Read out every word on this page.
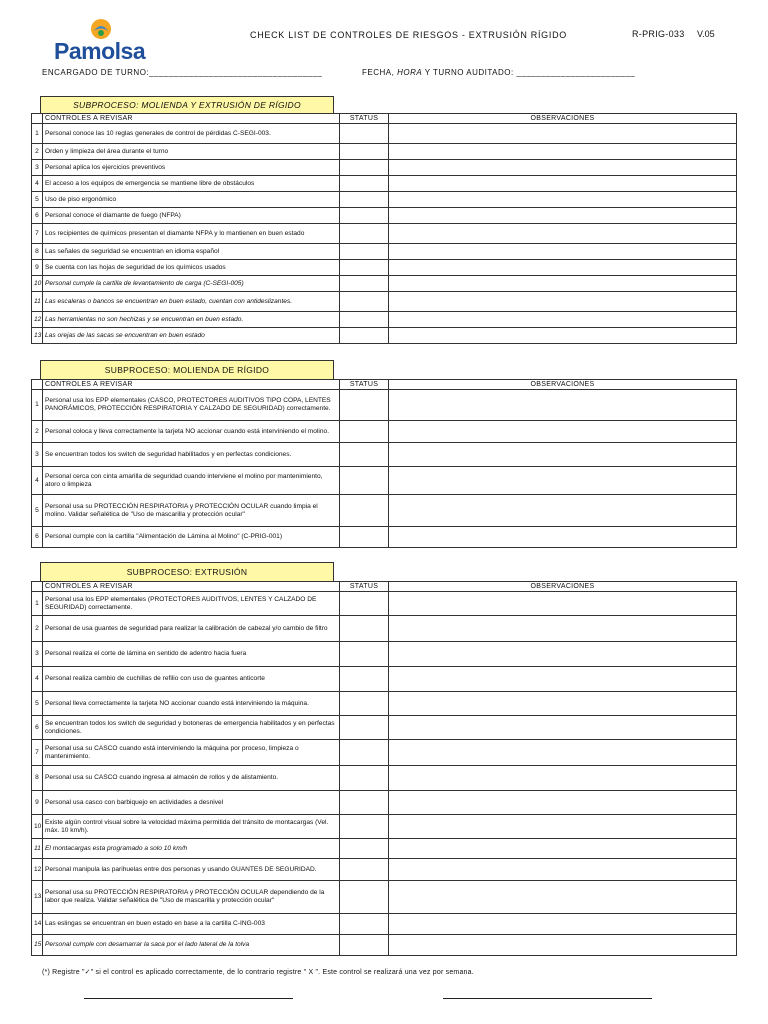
Pamolsa
CHECK LIST DE CONTROLES DE RIESGOS - EXTRUSIÓN RÍGIDO	R-PRIG-033 V.05
ENCARGADO DE TURNO:___________________________________	FECHA, HORA Y TURNO AUDITADO: ________________________
SUBPROCESO: MOLIENDA Y EXTRUSIÓN DE RÍGIDO
	CONTROLES A REVISAR	STATUS	OBSERVACIONES
1	Personal conoce las 10 reglas generales de control de pérdidas C-SEGI-003.		
2	Orden y limpieza del área durante el turno		
3	Personal aplica los ejercicios preventivos		
4	El acceso a los equipos de emergencia se mantiene libre de obstáculos		
5	Uso de piso ergonómico		
6	Personal conoce el diamante de fuego (NFPA)		
7	Los recipientes de químicos presentan el diamante NFPA y lo mantienen en buen estado		
8	Las señales de seguridad se encuentran en idioma español		
9	Se cuenta con las hojas de seguridad de los químicos usados		
10	Personal cumple la cartilla de levantamiento de carga (C-SEGI-005)		
11	Las escaleras o bancos se encuentran en buen estado, cuentan con antideslizantes.		
12	Las herramientas no son hechizas y se encuentran en buen estado.		
13	Las orejas de las sacas se encuentran en buen estado		
SUBPROCESO: MOLIENDA DE RÍGIDO
	CONTROLES A REVISAR	STATUS	OBSERVACIONES
1	Personal usa los EPP elementales (CASCO, PROTECTORES AUDITIVOS TIPO COPA, LENTES PANORÁMICOS, PROTECCIÓN RESPIRATORIA Y CALZADO DE SEGURIDAD) correctamente.		
2	Personal coloca y lleva correctamente la tarjeta NO accionar cuando está interviniendo el molino.		
3	Se encuentran todos los switch de seguridad habilitados y en perfectas condiciones.		
4	Personal cerca con cinta amarilla de seguridad cuando interviene el molino por mantenimiento, atoro o limpieza		
5	Personal usa su PROTECCIÓN RESPIRATORIA y PROTECCIÓN OCULAR cuando limpia el molino. Validar señalética de "Uso de mascarilla y protección ocular"		
6	Personal cumple con la cartilla "Alimentación de Lámina al Molino" (C-PRIG-001)		
SUBPROCESO: EXTRUSIÓN
	CONTROLES A REVISAR	STATUS	OBSERVACIONES
1	Personal usa los EPP elementales (PROTECTORES AUDITIVOS, LENTES Y CALZADO DE SEGURIDAD) correctamente.		
2	Personal de usa guantes de seguridad para realizar la calibración de cabezal y/o cambio de filtro		
3	Personal realiza el corte de lámina en sentido de adentro hacia fuera		
4	Personal realiza cambio de cuchillas de refilio con uso de guantes anticorte		
5	Personal lleva correctamente la tarjeta NO accionar cuando está interviniendo la máquina.		
6	Se encuentran todos los switch de seguridad y botoneras de emergencia habilitados y en perfectas condiciones.		
7	Personal usa su CASCO cuando está interviniendo la máquina por proceso, limpieza o mantenimiento.		
8	Personal usa su CASCO cuando ingresa al almacén de rollos y de alistamiento.		
9	Personal usa casco con barbiquejo en actividades a desnivel		
10	Existe algún control visual sobre la velocidad máxima permitida del tránsito de montacargas (Vel. máx. 10 km/h).		
11	El montacargas esta programado a solo 10 km/h		
12	Personal manipula las parihuelas entre dos personas y usando GUANTES DE SEGURIDAD.		
13	Personal usa su PROTECCIÓN RESPIRATORIA y PROTECCIÓN OCULAR dependiendo de la labor que realiza. Validar señalética de "Uso de mascarilla y protección ocular"		
14	Las eslingas se encuentran en buen estado en base a la cartilla C-ING-003		
15	Personal cumple con desamarrar la saca por el lado lateral de la tolva		
(*) Registre "✓" si el control es aplicado correctamente, de lo contrario registre " X ". Este control se realizará una vez por semana.
